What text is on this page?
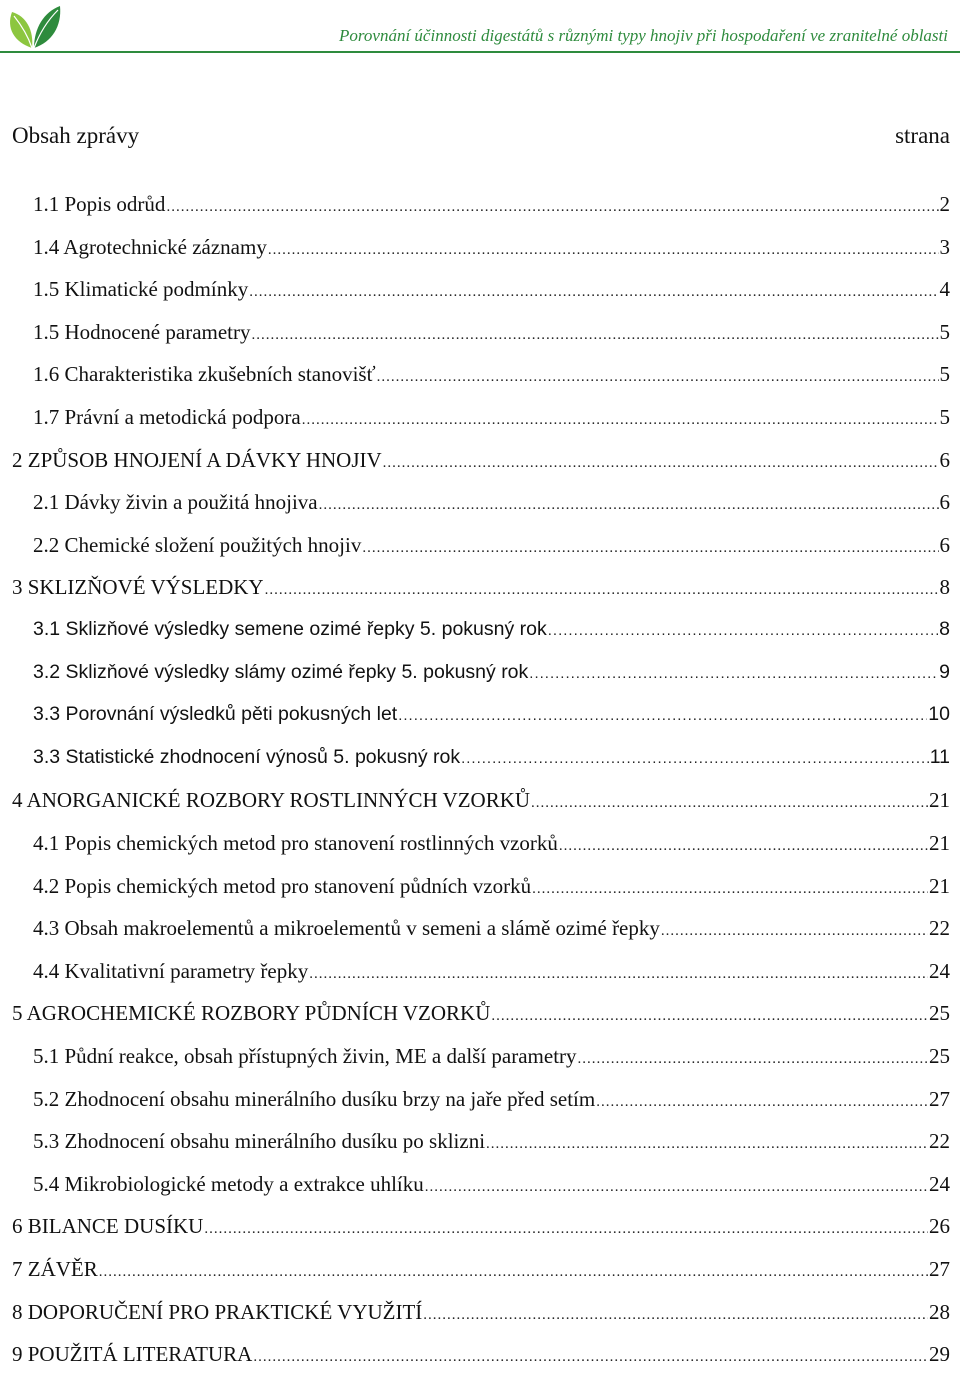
Porovnání účinnosti digestátů s různými typy hnojiv při hospodaření ve zranitelné oblasti
Obsah zprávy	strana
1.1 Popis odrůd .....	2
1.4 Agrotechnické záznamy .....	3
1.5 Klimatické podmínky .....	4
1.5 Hodnocené parametry .....	5
1.6 Charakteristika zkušebních stanovišť .....	5
1.7 Právní a metodická podpora .....	5
2 ZPŮSOB HNOJENÍ A DÁVKY HNOJIV .....	6
2.1 Dávky živin a použitá hnojiva .....	6
2.2 Chemické složení použitých hnojiv .....	6
3 SKLIZŇOVÉ VÝSLEDKY .....	8
3.1 Sklizňové výsledky semene ozimé řepky 5. pokusný rok .....	8
3.2 Sklizňové výsledky slámy ozimé řepky 5. pokusný rok .....	9
3.3 Porovnání výsledků pěti pokusných let .....	10
3.3 Statistické zhodnocení výnosů 5. pokusný rok .....	11
4 ANORGANICKÉ ROZBORY ROSTLINNÝCH VZORKŮ .....	21
4.1 Popis chemických metod pro stanovení rostlinných vzorků .....	21
4.2 Popis chemických metod pro stanovení půdních vzorků .....	21
4.3 Obsah makroelementů a mikroelementů v semeni a slámě ozimé řepky .....	22
4.4 Kvalitativní parametry řepky .....	24
5 AGROCHEMICKÉ ROZBORY PŮDNÍCH VZORKŮ .....	25
5.1 Půdní reakce, obsah přístupných živin, ME a další parametry .....	25
5.2 Zhodnocení obsahu minerálního dusíku brzy na jaře před setím .....	27
5.3 Zhodnocení obsahu minerálního dusíku po sklizni .....	22
5.4 Mikrobiologické metody a extrakce uhlíku .....	24
6 BILANCE DUSÍKU .....	26
7 ZÁVĚR .....	27
8 DOPORUČENÍ PRO PRAKTICKÉ VYUŽITÍ .....	28
9 POUŽITÁ LITERATURA .....	29
